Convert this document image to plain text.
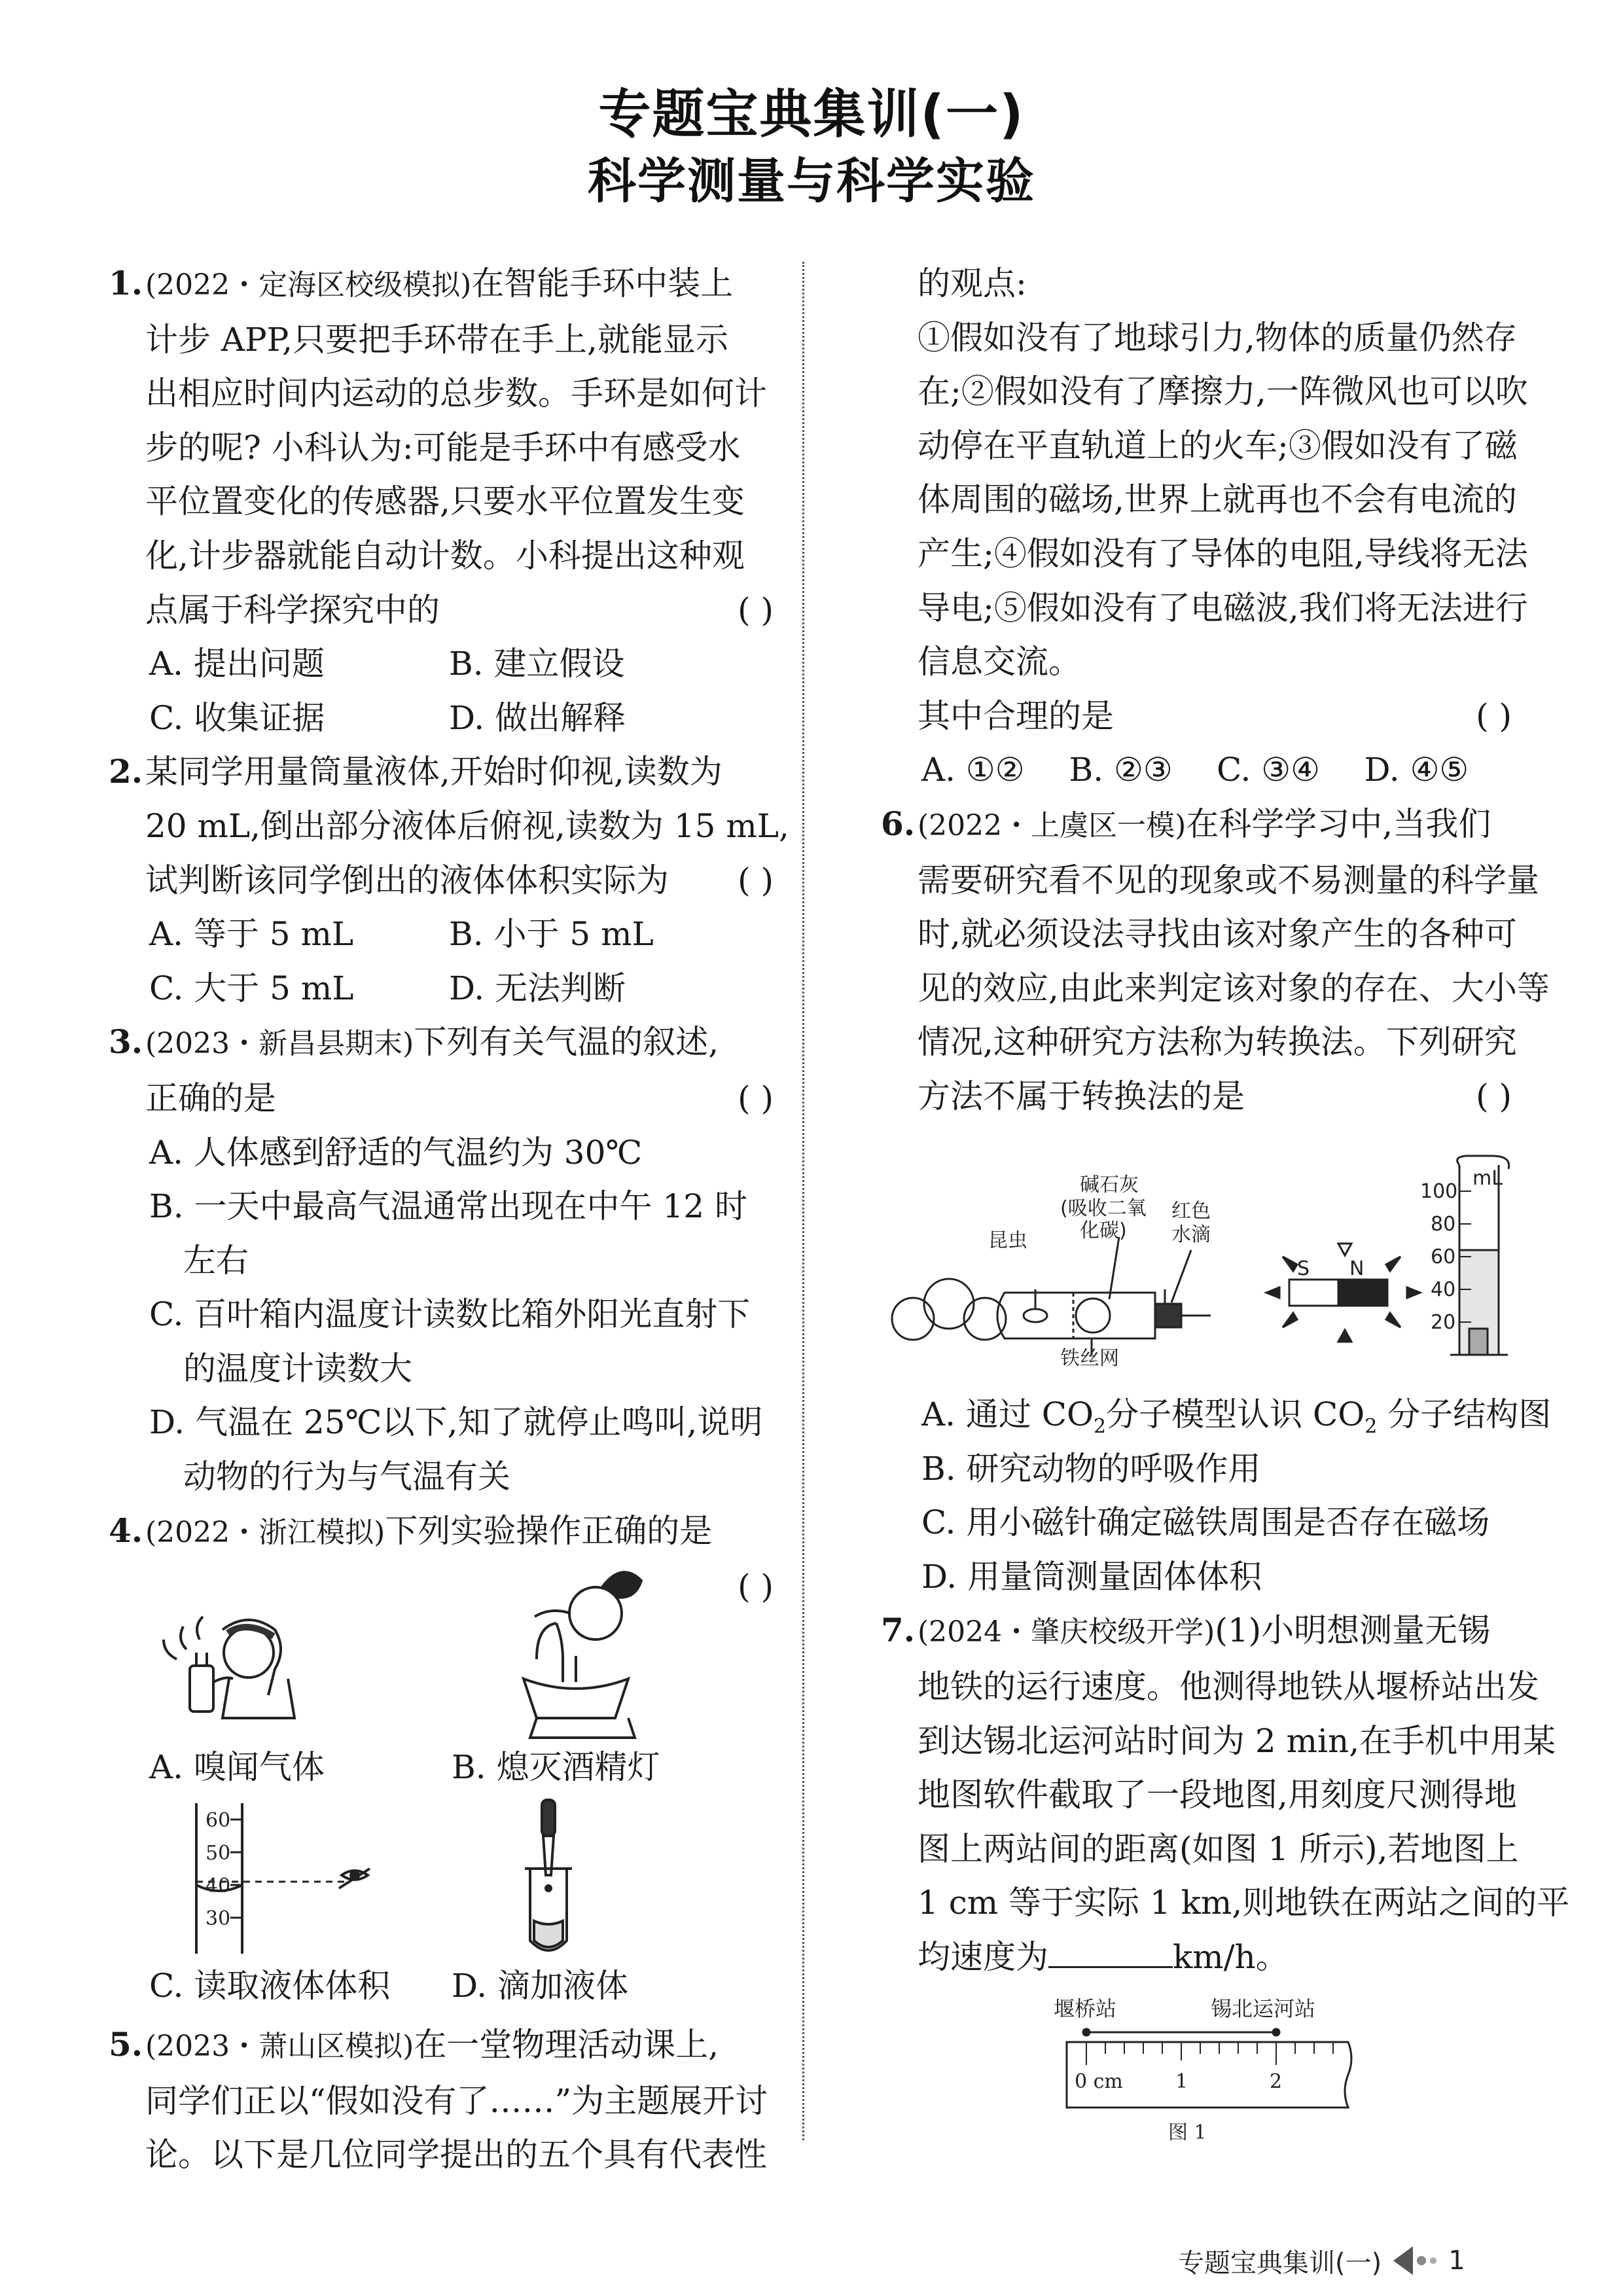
专题宝典集训(一)
科学测量与科学实验
1. (2022・定海区校级模拟)在智能手环中装上
计步 APP,只要把手环带在手上,就能显示
出相应时间内运动的总步数。手环是如何计
步的呢? 小科认为:可能是手环中有感受水
平位置变化的传感器,只要水平位置发生变
化,计步器就能自动计数。小科提出这种观
点属于科学探究中的	( )
A. 提出问题	B. 建立假设
C. 收集证据	D. 做出解释
2. 某同学用量筒量液体,开始时仰视,读数为
20 mL,倒出部分液体后俯视,读数为 15 mL,
试判断该同学倒出的液体体积实际为 ( )
A. 等于 5 mL	B. 小于 5 mL
C. 大于 5 mL	D. 无法判断
3. (2023・新昌县期末)下列有关气温的叙述,
正确的是	( )
A. 人体感到舒适的气温约为 30℃
B. 一天中最高气温通常出现在中午 12 时左右
C. 百叶箱内温度计读数比箱外阳光直射下的温度计读数大
D. 气温在 25℃以下,知了就停止鸣叫,说明动物的行为与气温有关
4. (2022・浙江模拟)下列实验操作正确的是

( )
60
50
40
30
A. 嗅闻气体	B. 熄灭酒精灯
C. 读取液体体积 D. 滴加液体
5. (2023・萧山区模拟)在一堂物理活动课上,
同学们正以“假如没有了……”为主题展开讨
论。以下是几位同学提出的五个具有代表性
的观点:
①假如没有了地球引力,物体的质量仍然存
在;②假如没有了摩擦力,一阵微风也可以吹
动停在平直轨道上的火车;③假如没有了磁
体周围的磁场,世界上就再也不会有电流的
产生;④假如没有了导体的电阻,导线将无法
导电;⑤假如没有了电磁波,我们将无法进行
信息交流。
其中合理的是	( )
A. ①②	B. ②③	C. ③④	D. ④⑤
6. (2022・上虞区一模)在科学学习中,当我们
需要研究看不见的现象或不易测量的科学量
时,就必须设法寻找由该对象产生的各种可
见的效应,由此来判定该对象的存在、大小等
情况,这种研究方法称为转换法。下列研究
方法不属于转换法的是	( )
昆虫
碱石灰
(吸收二氧
化碳)
红色
水滴
铁丝网
S N
mL
100
80
60
40
20
A. 通过 $CO_2$分子模型认识 $CO_2$ 分子结构图
B. 研究动物的呼吸作用
C. 用小磁针确定磁铁周围是否存在磁场
D. 用量筒测量固体体积
7. (2024・肇庆校级开学)(1)小明想测量无锡
地铁的运行速度。他测得地铁从堰桥站出发
到达锡北运河站时间为 2 min,在手机中用某
地图软件截取了一段地图,用刻度尺测得地
图上两站间的距离(如图 1 所示),若地图上
1 cm 等于实际 1 km,则地铁在两站之间的平
均速度为	km/h。
堰桥站	锡北运河站
0 cm	1	2
图 1
专题宝典集训(一)	1
